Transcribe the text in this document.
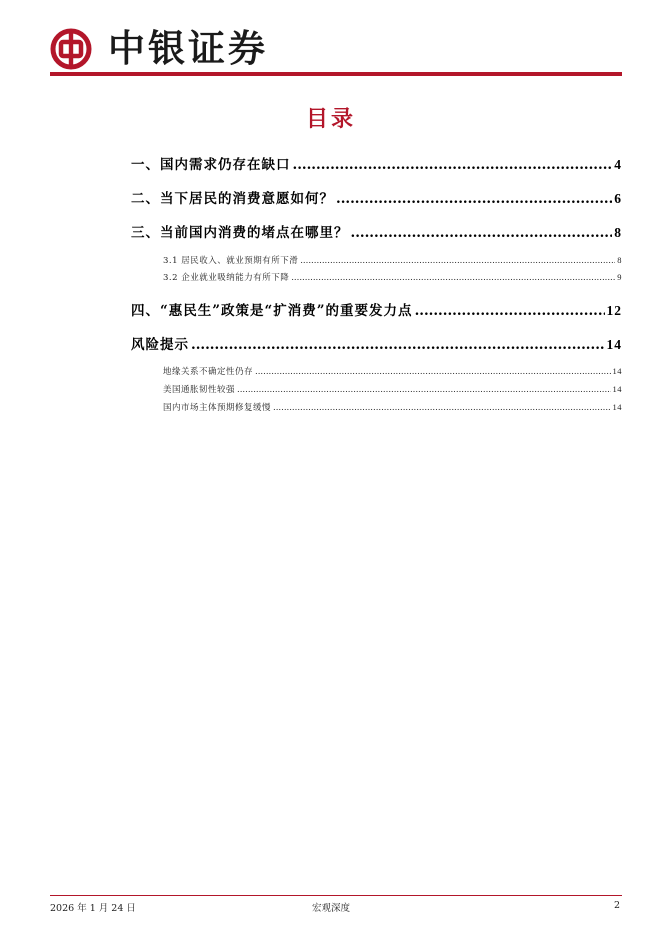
中银证券
目录
一、国内需求仍存在缺口 .....	4
二、当下居民的消费意愿如何？ .....	6
三、当前国内消费的堵点在哪里？ .....	8
3.1 居民收入、就业预期有所下滑 .....	8
3.2 企业就业吸纳能力有所下降 .....	9
四、“惠民生”政策是“扩消费”的重要发力点 .....	12
风险提示 .....	14
地缘关系不确定性仍存 .....	14
美国通胀韧性较强 .....	14
国内市场主体预期修复缓慢 .....	14
2026 年 1 月 24 日	宏观深度	2
